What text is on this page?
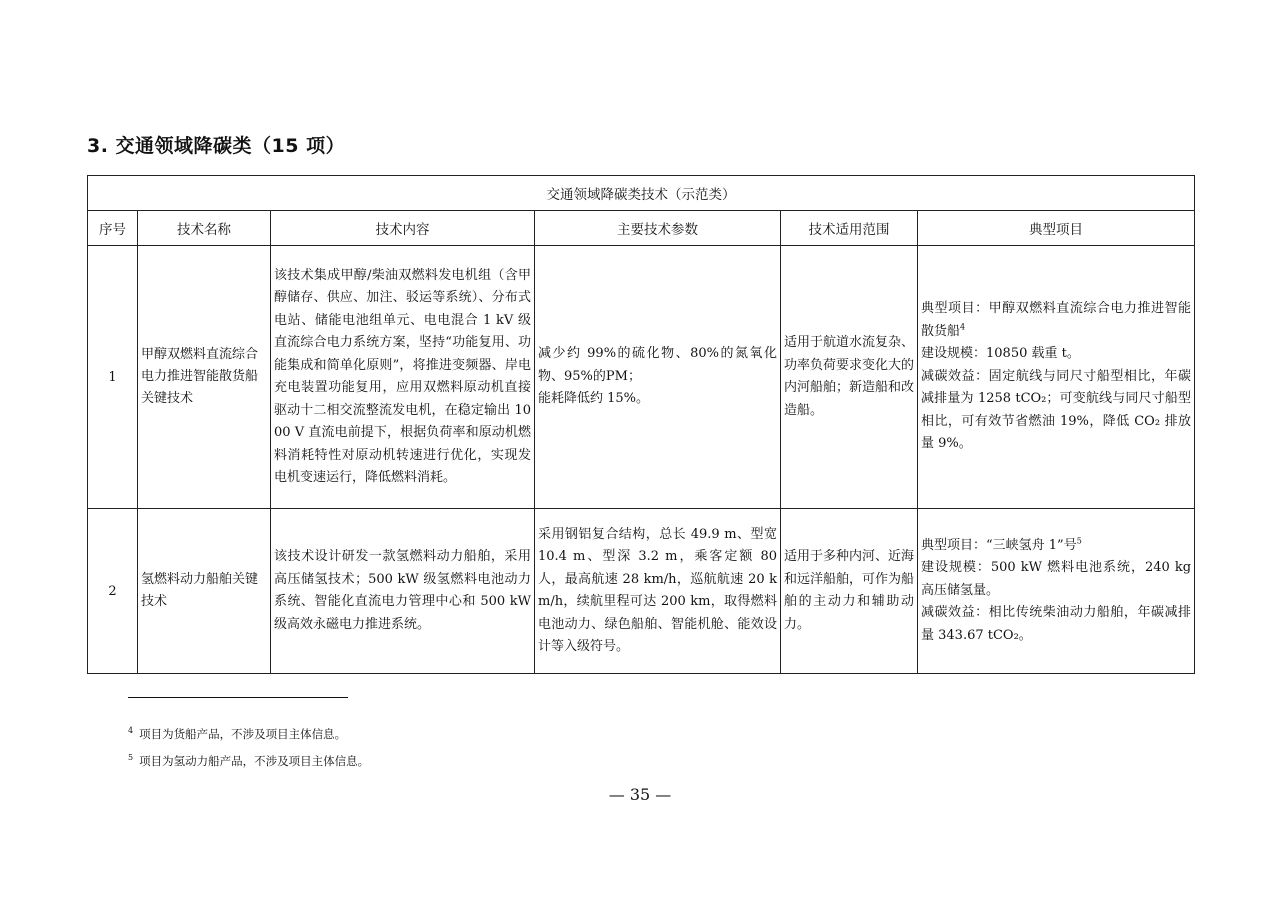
3. 交通领域降碳类（15 项）
交通领域降碳类技术（示范类）					
序号	技术名称	技术内容	主要技术参数	技术适用范围	典型项目
1	甲醇双燃料直流综合电力推进智能散货船关键技术	该技术集成甲醇/柴油双燃料发电机组（含甲醇储存、供应、加注、驳运等系统）、分布式电站、储能电池组单元、电电混合 1 kV 级直流综合电力系统方案，坚持“功能复用、功能集成和简单化原则”，将推进变频器、岸电充电装置功能复用，应用双燃料原动机直接驱动十二相交流整流发电机，在稳定输出 1000 V 直流电前提下，根据负荷率和原动机燃料消耗特性对原动机转速进行优化，实现发电机变速运行，降低燃料消耗。	减少约 99%的硫化物、80%的氮氧化物、95%的PM；
能耗降低约 15%。	适用于航道水流复杂、功率负荷要求变化大的内河船舶；新造船和改造船。	典型项目：甲醇双燃料直流综合电力推进智能散货船$^4$
建设规模：10850 载重 t。
减碳效益：固定航线与同尺寸船型相比，年碳减排量为 1258 tCO₂；可变航线与同尺寸船型相比，可有效节省燃油 19%，降低 CO₂ 排放量 9%。

2	氢燃料动力船舶关键技术	该技术设计研发一款氢燃料动力船舶，采用高压储氢技术；500 kW 级氢燃料电池动力系统、智能化直流电力管理中心和 500 kW 级高效永磁电力推进系统。	采用钢铝复合结构，总长 49.9 m、型宽 10.4 m、型深 3.2 m，乘客定额 80 人，最高航速 28 km/h，巡航航速 20 km/h，续航里程可达 200 km，取得燃料电池动力、绿色船舶、智能机舱、能效设计等入级符号。	适用于多种内河、近海和远洋船舶，可作为船舶的主动力和辅助动力。	典型项目：“三峡氢舟 1”号$^5$
建设规模：500 kW 燃料电池系统，240 kg 高压储氢量。
减碳效益：相比传统柴油动力船舶，年碳减排量 343.67 tCO₂。
$^4$ 项目为货船产品，不涉及项目主体信息。
$^5$ 项目为氢动力船产品，不涉及项目主体信息。
— 35 —
